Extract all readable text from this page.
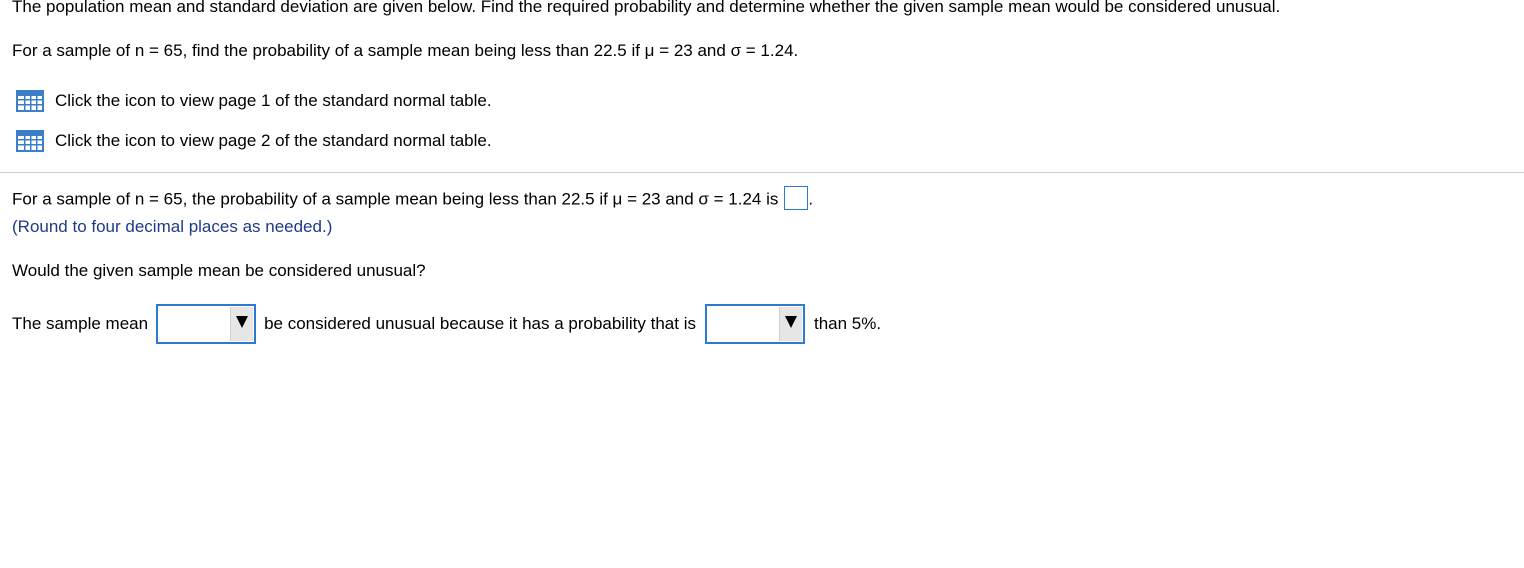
The population mean and standard deviation are given below. Find the required probability and determine whether the given sample mean would be considered unusual.
For a sample of n = 65, find the probability of a sample mean being less than 22.5 if μ = 23 and σ = 1.24.
Click the icon to view page 1 of the standard normal table.
Click the icon to view page 2 of the standard normal table.
For a sample of n = 65, the probability of a sample mean being less than 22.5 if μ = 23 and σ = 1.24 is .
(Round to four decimal places as needed.)
Would the given sample mean be considered unusual?
The sample mean	be considered unusual because it has a probability that is	than 5%.
